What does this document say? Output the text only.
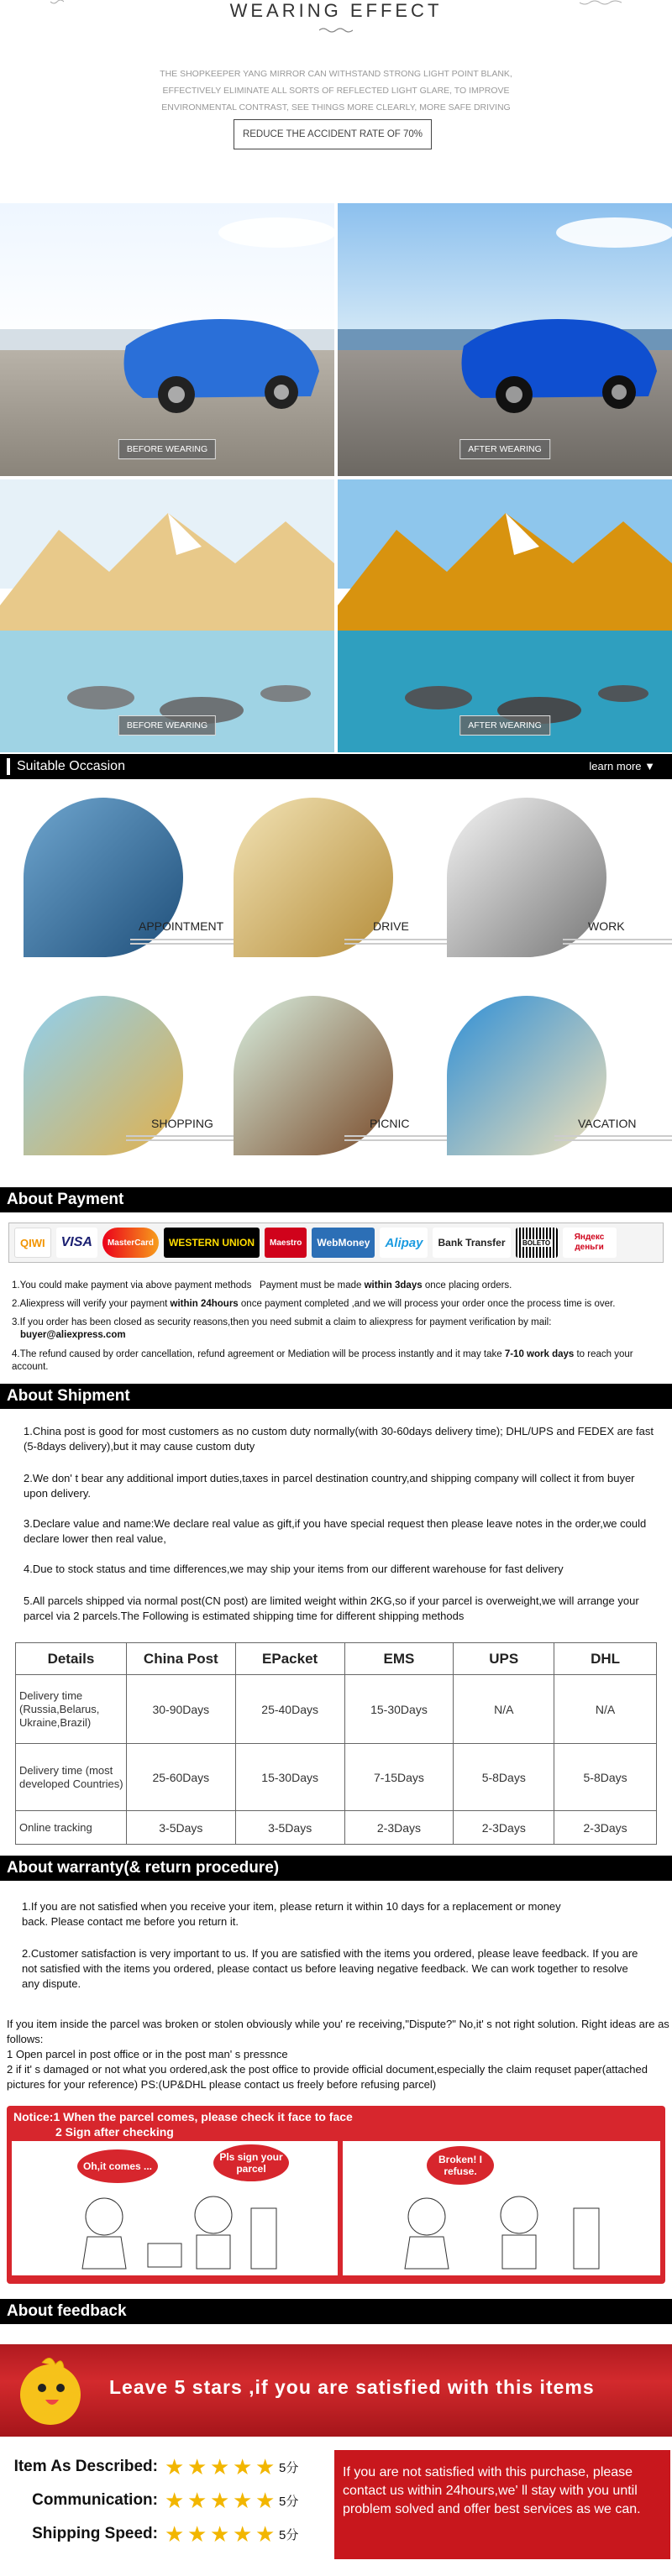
WEARING EFFECT
THE SHOPKEEPER YANG MIRROR CAN WITHSTAND STRONG LIGHT POINT BLANK, EFFECTIVELY ELIMINATE ALL SORTS OF REFLECTED LIGHT GLARE, TO IMPROVE ENVIRONMENTAL CONTRAST, SEE THINGS MORE CLEARLY, MORE SAFE DRIVING
REDUCE THE ACCIDENT RATE OF 70%
BEFORE WEARING	AFTER WEARING
BEFORE WEARING	AFTER WEARING
Suitable Occasion	learn more ▼
APPOINTMENT	DRIVE	WORK
SHOPPING	PICNIC	VACATION
About Payment
QIWI	VISA	MasterCard	WESTERN UNION	Maestro	WebMoney	Alipay	Bank Transfer	BOLETO
Яндекс деньги
1.You could make payment via above payment methods Payment must be made within 3days once placing orders.
2.Aliexpress will verify your payment within 24hours once payment completed ,and we will process your order once the process time is over.
3.If you order has been closed as security reasons,then you need submit a claim to aliexpress for payment verification by mail:
buyer@aliexpress.com
4.The refund caused by order cancellation, refund agreement or Mediation will be process instantly and it may take 7-10 work days to reach your account.
About Shipment
1.China post is good for most customers as no custom duty normally(with 30-60days delivery time); DHL/UPS and FEDEX are fast (5-8days delivery),but it may cause custom duty
2.We don' t bear any additional import duties,taxes in parcel destination country,and shipping company will collect it from buyer upon delivery.
3.Declare value and name:We declare real value as gift,if you have special request then please leave notes in the order,we could declare lower then real value,
4.Due to stock status and time differences,we may ship your items from our different warehouse for fast delivery
5.All parcels shipped via normal post(CN post) are limited weight within 2KG,so if your parcel is overweight,we will arrange your parcel via 2 parcels.The Following is estimated shipping time for different shipping methods
Details	China Post	EPacket	EMS	UPS	DHL
Delivery time (Russia,Belarus, Ukraine,Brazil)	30-90Days	25-40Days	15-30Days	N/A	N/A
Delivery time (most developed Countries)	25-60Days	15-30Days	7-15Days	5-8Days	5-8Days
Online tracking	3-5Days	3-5Days	2-3Days	2-3Days	2-3Days
About warranty(& return procedure)
1.If you are not satisfied when you receive your item, please return it within 10 days for a replacement or money back. Please contact me before you return it.
2.Customer satisfaction is very important to us. If you are satisfied with the items you ordered, please leave feedback. If you are not satisfied with the items you ordered, please contact us before leaving negative feedback. We can work together to resolve any dispute.
If you item inside the parcel was broken or stolen obviously while you' re receiving,"Dispute?" No,it' s not right solution. Right ideas are as follows:
1 Open parcel in post office or in the post man' s pressnce
2 if it' s damaged or not what you ordered,ask the post office to provide official document,especially the claim requset paper(attached pictures for your reference) PS:(UP&DHL please contact us freely before refusing parcel)
Notice:1 When the parcel comes, please check it face to face
2 Sign after checking
Oh,it comes ...
Pls sign your parcel
Broken! I refuse.
About feedback
Leave 5 stars ,if you are satisfied with this items
Item As Described: ★ ★ ★ ★ ★ 5分
Communication: ★ ★ ★ ★ ★ 5分
Shipping Speed: ★ ★ ★ ★ ★ 5分
If you are not satisfied with this purchase, please contact us within 24hours,we' ll stay with you until problem solved and offer best services as we can.
